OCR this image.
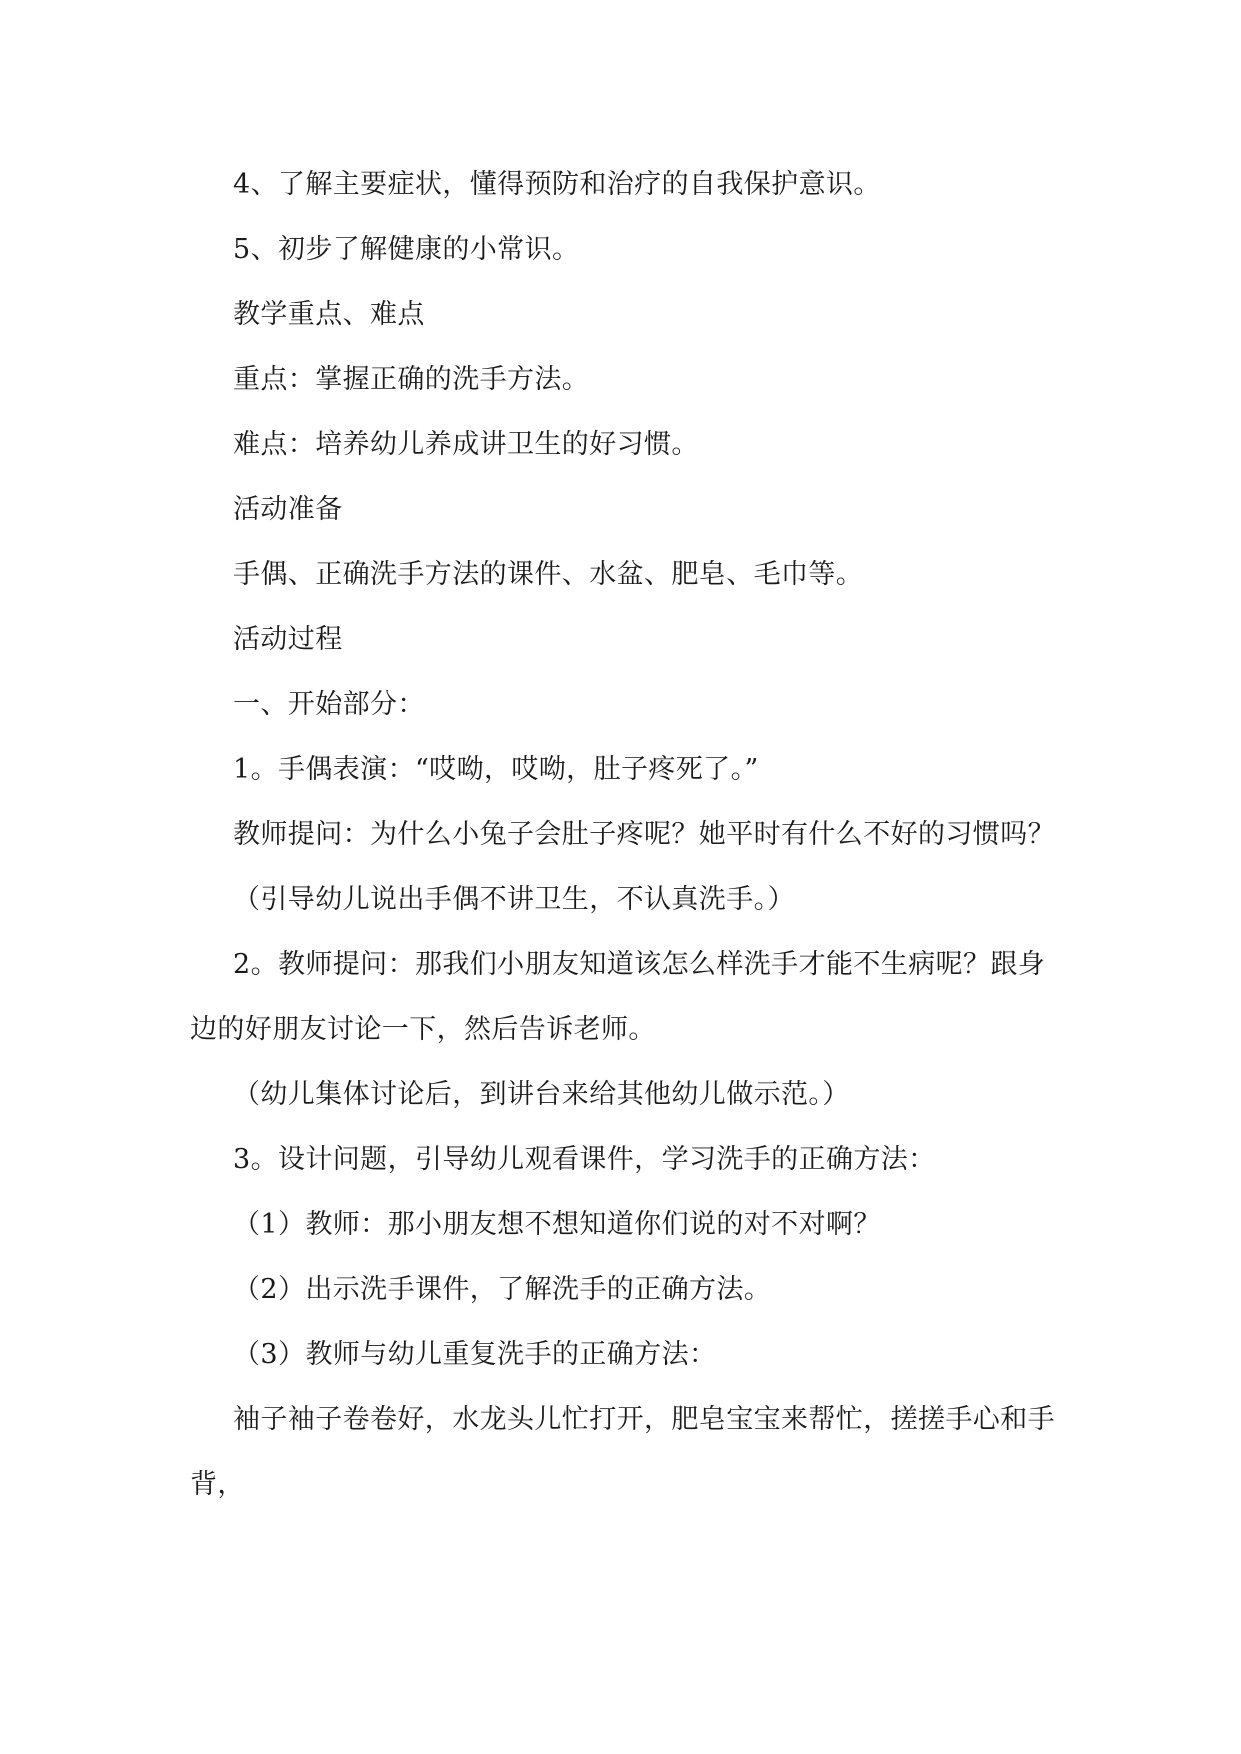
4、了解主要症状，懂得预防和治疗的自我保护意识。

5、初步了解健康的小常识。

教学重点、难点

重点：掌握正确的洗手方法。

难点：培养幼儿养成讲卫生的好习惯。

活动准备

手偶、正确洗手方法的课件、水盆、肥皂、毛巾等。

活动过程

一、开始部分：

1。手偶表演：“哎呦，哎呦，肚子疼死了。”

教师提问：为什么小兔子会肚子疼呢？她平时有什么不好的习惯吗？

（引导幼儿说出手偶不讲卫生，不认真洗手。）

2。教师提问：那我们小朋友知道该怎么样洗手才能不生病呢？跟身边的好朋友讨论一下，然后告诉老师。

（幼儿集体讨论后，到讲台来给其他幼儿做示范。）

3。设计问题，引导幼儿观看课件，学习洗手的正确方法：

（1）教师：那小朋友想不想知道你们说的对不对啊？

（2）出示洗手课件，了解洗手的正确方法。

（3）教师与幼儿重复洗手的正确方法：

袖子袖子卷卷好，水龙头儿忙打开，肥皂宝宝来帮忙，搓搓手心和手背，
